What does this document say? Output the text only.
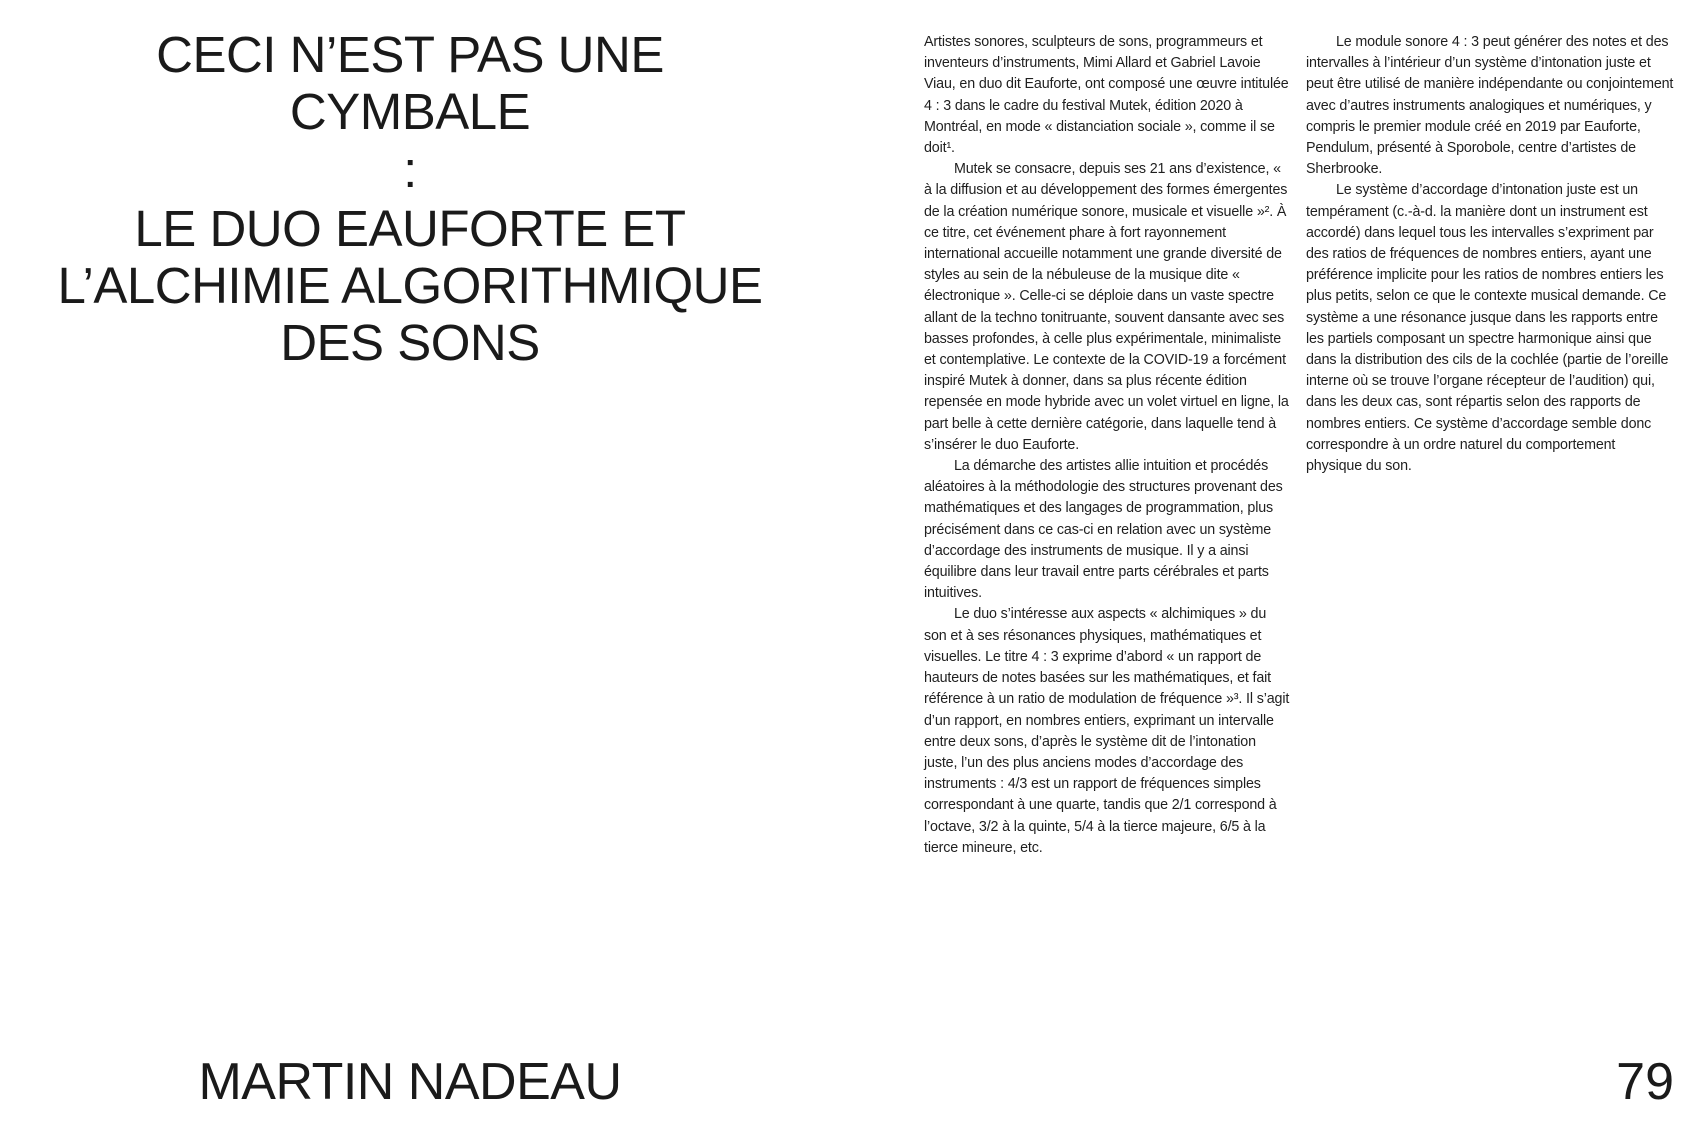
CECI N’EST PAS UNE
CYMBALE
:
LE DUO EAUFORTE ET
L’ALCHIMIE ALGORITHMIQUE
DES SONS
MARTIN NADEAU

Artistes sonores, sculpteurs de sons, programmeurs et inventeurs d’instruments, Mimi Allard et Gabriel Lavoie Viau, en duo dit Eauforte, ont composé une œuvre intitulée 4 : 3 dans le cadre du festival Mutek, édition 2020 à Montréal, en mode « distanciation sociale », comme il se doit¹.

Mutek se consacre, depuis ses 21 ans d’existence, « à la diffusion et au développement des formes émergentes de la création numérique sonore, musicale et visuelle »². À ce titre, cet événement phare à fort rayonnement international accueille notamment une grande diversité de styles au sein de la nébuleuse de la musique dite « électronique ». Celle-ci se déploie dans un vaste spectre allant de la techno tonitruante, souvent dansante avec ses basses profondes, à celle plus expérimentale, minimaliste et contemplative. Le contexte de la COVID-19 a forcément inspiré Mutek à donner, dans sa plus récente édition repensée en mode hybride avec un volet virtuel en ligne, la part belle à cette dernière catégorie, dans laquelle tend à s’insérer le duo Eauforte.

La démarche des artistes allie intuition et procédés aléatoires à la méthodologie des structures provenant des mathématiques et des langages de programmation, plus précisément dans ce cas-ci en relation avec un système d’accordage des instruments de musique. Il y a ainsi équilibre dans leur travail entre parts cérébrales et parts intuitives.

Le duo s’intéresse aux aspects « alchimiques » du son et à ses résonances physiques, mathématiques et visuelles. Le titre 4 : 3 exprime d’abord « un rapport de hauteurs de notes basées sur les mathématiques, et fait référence à un ratio de modulation de fréquence »³. Il s’agit d’un rapport, en nombres entiers, exprimant un intervalle entre deux sons, d’après le système dit de l’intonation juste, l’un des plus anciens modes d’accordage des instruments : 4/3 est un rapport de fréquences simples correspondant à une quarte, tandis que 2/1 correspond à l’octave, 3/2 à la quinte, 5/4 à la tierce majeure, 6/5 à la tierce mineure, etc.

Le module sonore 4 : 3 peut générer des notes et des intervalles à l’intérieur d’un système d’intonation juste et peut être utilisé de manière indépendante ou conjointement avec d’autres instruments analogiques et numériques, y compris le premier module créé en 2019 par Eauforte, Pendulum, présenté à Sporobole, centre d’artistes de Sherbrooke.

Le système d’accordage d’intonation juste est un tempérament (c.-à-d. la manière dont un instrument est accordé) dans lequel tous les intervalles s’expriment par des ratios de fréquences de nombres entiers, ayant une préférence implicite pour les ratios de nombres entiers les plus petits, selon ce que le contexte musical demande. Ce système a une résonance jusque dans les rapports entre les partiels composant un spectre harmonique ainsi que dans la distribution des cils de la cochlée (partie de l’oreille interne où se trouve l’organe récepteur de l’audition) qui, dans les deux cas, sont répartis selon des rapports de nombres entiers. Ce système d’accordage semble donc correspondre à un ordre naturel du comportement physique du son.

79
